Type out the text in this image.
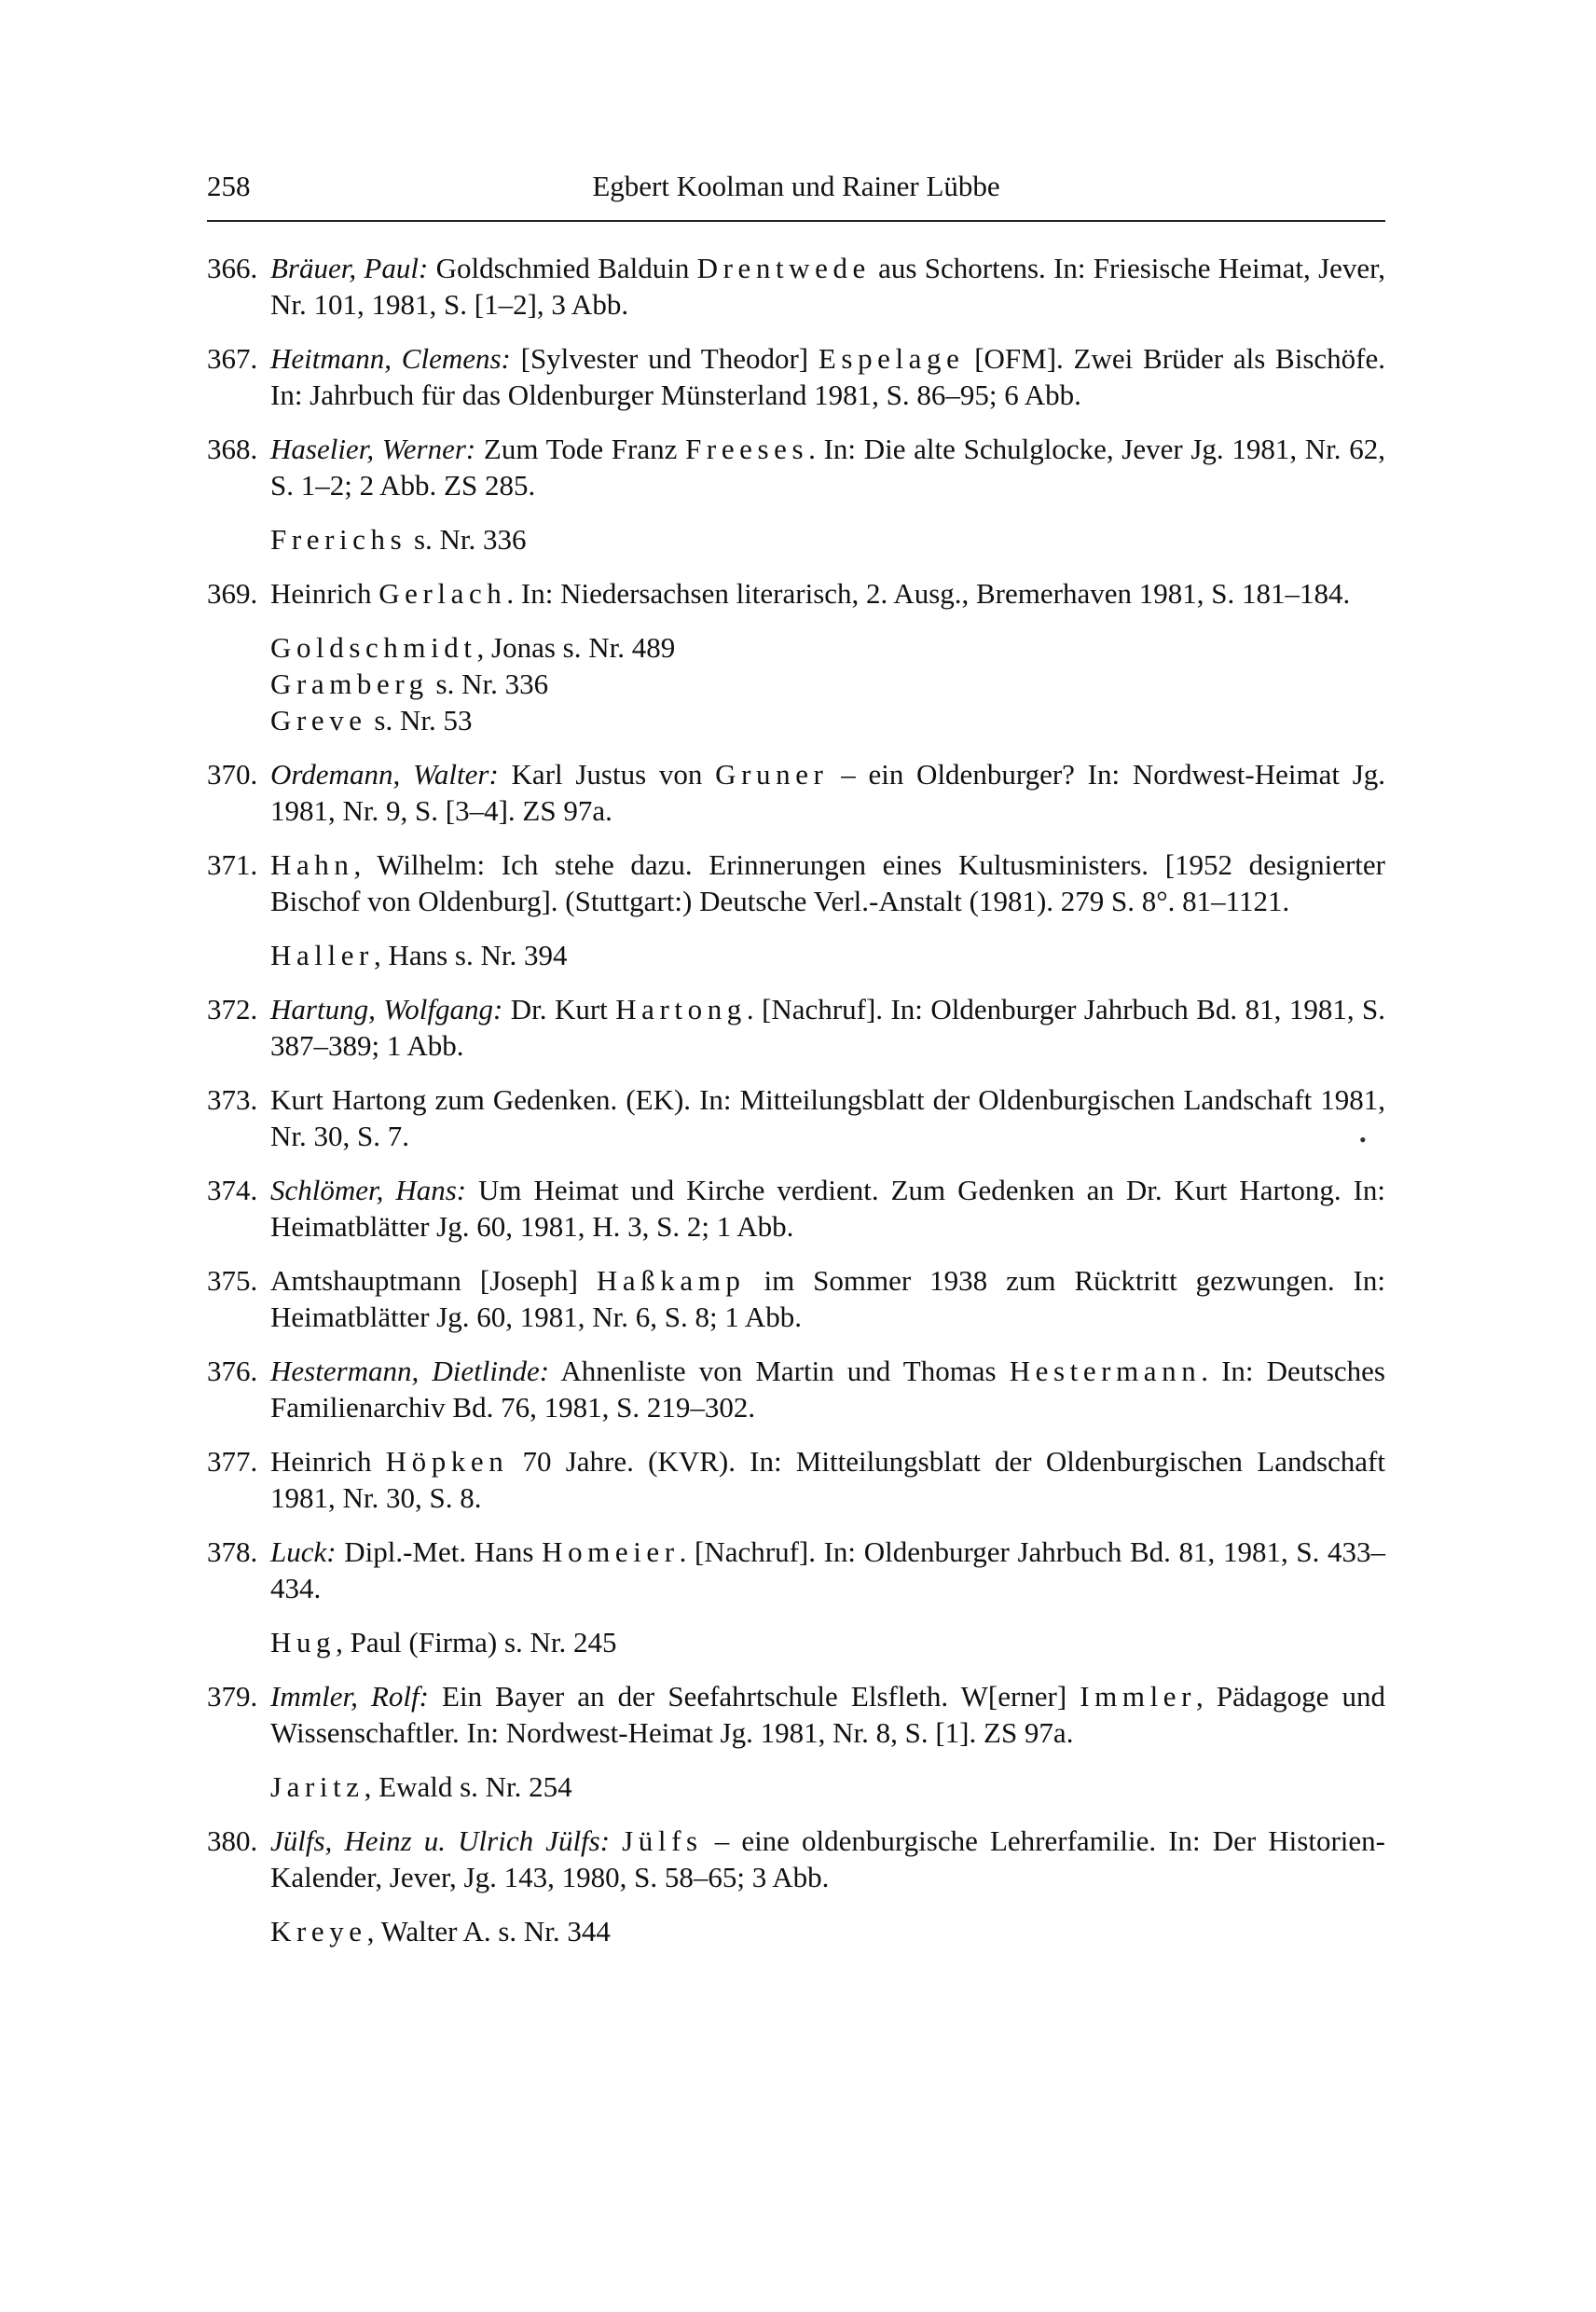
258	Egbert Koolman und Rainer Lübbe
366. Bräuer, Paul: Goldschmied Balduin Drentwede aus Schortens. In: Friesische Heimat, Jever, Nr. 101, 1981, S. [1–2], 3 Abb.
367. Heitmann, Clemens: [Sylvester und Theodor] Espelage [OFM]. Zwei Brüder als Bischöfe. In: Jahrbuch für das Oldenburger Münsterland 1981, S. 86–95; 6 Abb.
368. Haselier, Werner: Zum Tode Franz Freeses. In: Die alte Schulglocke, Jever Jg. 1981, Nr. 62, S. 1–2; 2 Abb. ZS 285.
Frerichs s. Nr. 336
369. Heinrich Gerlach. In: Niedersachsen literarisch, 2. Ausg., Bremerhaven 1981, S. 181–184.
Goldschmidt, Jonas s. Nr. 489
Gramberg s. Nr. 336
Greve s. Nr. 53
370. Ordemann, Walter: Karl Justus von Gruner – ein Oldenburger? In: Nordwest-Heimat Jg. 1981, Nr. 9, S. [3–4]. ZS 97a.
371. Hahn, Wilhelm: Ich stehe dazu. Erinnerungen eines Kultusministers. [1952 designierter Bischof von Oldenburg]. (Stuttgart:) Deutsche Verl.-Anstalt (1981). 279 S. 8°. 81–1121.
Haller, Hans s. Nr. 394
372. Hartung, Wolfgang: Dr. Kurt Hartong. [Nachruf]. In: Oldenburger Jahrbuch Bd. 81, 1981, S. 387–389; 1 Abb.
373. Kurt Hartong zum Gedenken. (EK). In: Mitteilungsblatt der Oldenburgischen Landschaft 1981, Nr. 30, S. 7.	•
374. Schlömer, Hans: Um Heimat und Kirche verdient. Zum Gedenken an Dr. Kurt Hartong. In: Heimatblätter Jg. 60, 1981, H. 3, S. 2; 1 Abb.
375. Amtshauptmann [Joseph] Haßkamp im Sommer 1938 zum Rücktritt gezwungen. In: Heimatblätter Jg. 60, 1981, Nr. 6, S. 8; 1 Abb.
376. Hestermann, Dietlinde: Ahnenliste von Martin und Thomas Hestermann. In: Deutsches Familienarchiv Bd. 76, 1981, S. 219–302.
377. Heinrich Höpken 70 Jahre. (KVR). In: Mitteilungsblatt der Oldenburgischen Landschaft 1981, Nr. 30, S. 8.
378. Luck: Dipl.-Met. Hans Homeier. [Nachruf]. In: Oldenburger Jahrbuch Bd. 81, 1981, S. 433–434.
Hug, Paul (Firma) s. Nr. 245
379. Immler, Rolf: Ein Bayer an der Seefahrtschule Elsfleth. W[erner] Immler, Pädagoge und Wissenschaftler. In: Nordwest-Heimat Jg. 1981, Nr. 8, S. [1]. ZS 97a.
Jaritz, Ewald s. Nr. 254
380. Jülfs, Heinz u. Ulrich Jülfs: Jülfs – eine oldenburgische Lehrerfamilie. In: Der Historien-Kalender, Jever, Jg. 143, 1980, S. 58–65; 3 Abb.
Kreye, Walter A. s. Nr. 344
